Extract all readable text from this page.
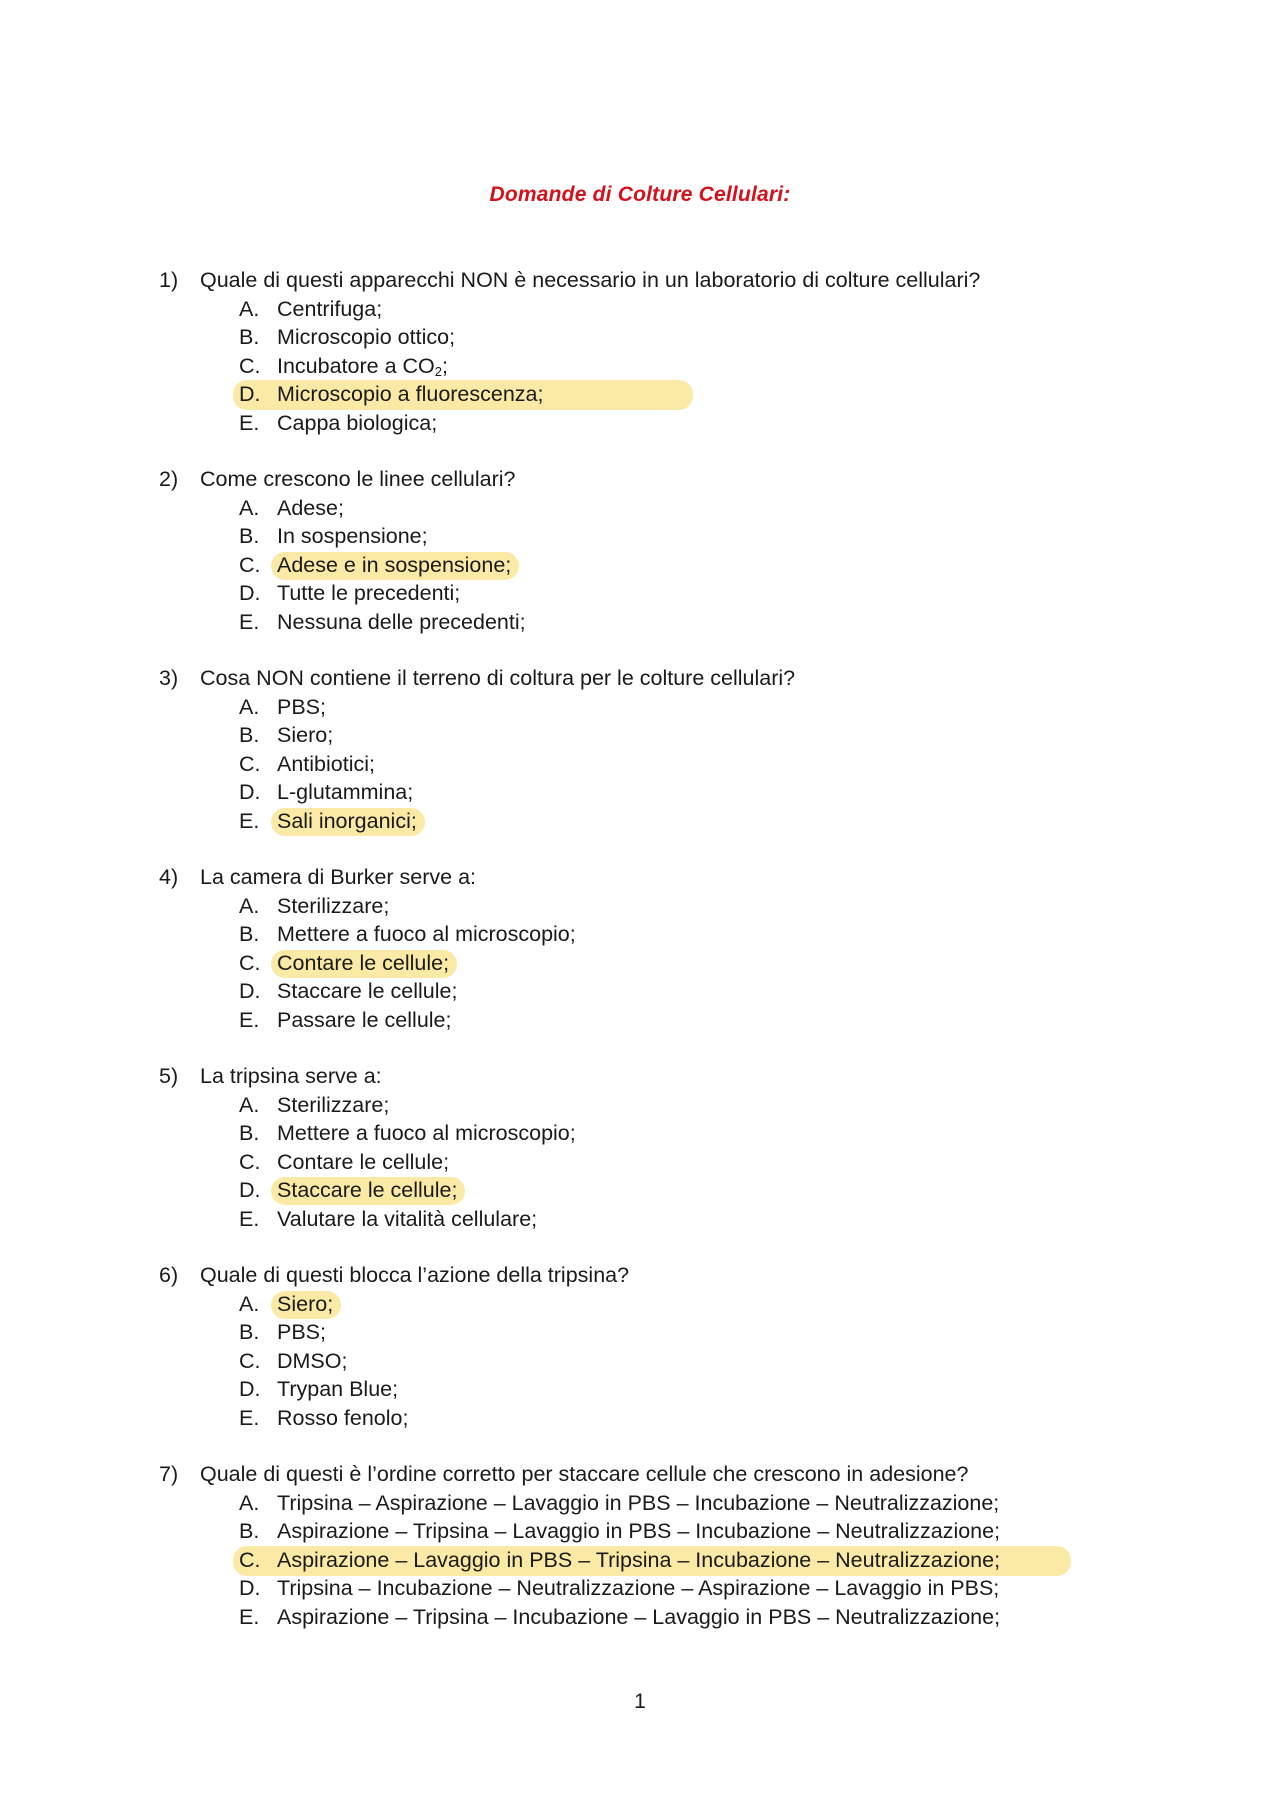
Domande di Colture Cellulari:
1) Quale di questi apparecchi NON è necessario in un laboratorio di colture cellulari?
A. Centrifuga;
B. Microscopio ottico;
C. Incubatore a $CO_2$;
D. Microscopio a fluorescenza;
E. Cappa biologica;
2) Come crescono le linee cellulari?
A. Adese;
B. In sospensione;
C. Adese e in sospensione;
D. Tutte le precedenti;
E. Nessuna delle precedenti;
3) Cosa NON contiene il terreno di coltura per le colture cellulari?
A. PBS;
B. Siero;
C. Antibiotici;
D. L-glutammina;
E. Sali inorganici;
4) La camera di Burker serve a:
A. Sterilizzare;
B. Mettere a fuoco al microscopio;
C. Contare le cellule;
D. Staccare le cellule;
E. Passare le cellule;
5) La tripsina serve a:
A. Sterilizzare;
B. Mettere a fuoco al microscopio;
C. Contare le cellule;
D. Staccare le cellule;
E. Valutare la vitalità cellulare;
6) Quale di questi blocca l’azione della tripsina?
A. Siero;
B. PBS;
C. DMSO;
D. Trypan Blue;
E. Rosso fenolo;
7) Quale di questi è l’ordine corretto per staccare cellule che crescono in adesione?
A. Tripsina – Aspirazione – Lavaggio in PBS – Incubazione – Neutralizzazione;
B. Aspirazione – Tripsina – Lavaggio in PBS – Incubazione – Neutralizzazione;
C. Aspirazione – Lavaggio in PBS – Tripsina – Incubazione – Neutralizzazione;
D. Tripsina – Incubazione – Neutralizzazione – Aspirazione – Lavaggio in PBS;
E. Aspirazione – Tripsina – Incubazione – Lavaggio in PBS – Neutralizzazione;
1
